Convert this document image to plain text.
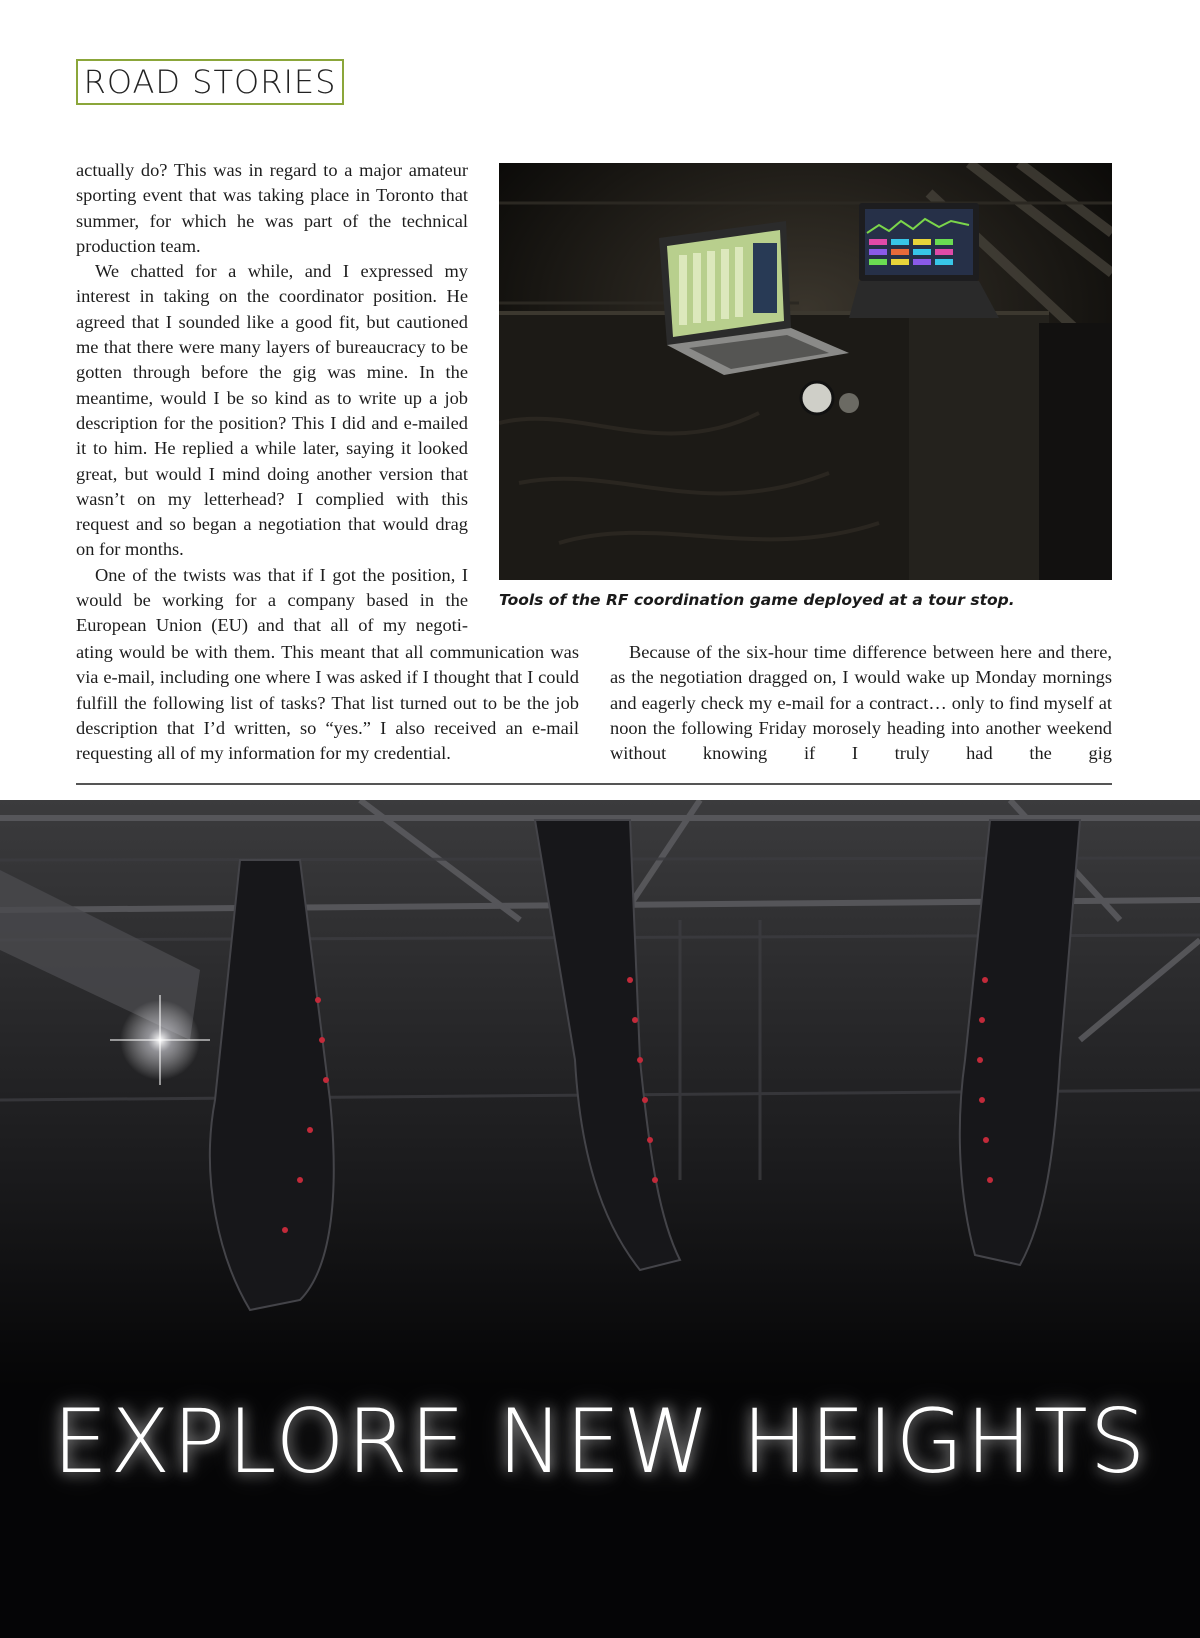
ROAD STORIES

actually do? This was in regard to a major amateur sporting event that was taking place in Toronto that summer, for which he was part of the technical production team.

We chatted for a while, and I expressed my interest in taking on the coordinator position. He agreed that I sounded like a good fit, but cautioned me that there were many layers of bureaucracy to be gotten through before the gig was mine. In the meantime, would I be so kind as to write up a job description for the position? This I did and e-mailed it to him. He replied a while later, saying it looked great, but would I mind doing another version that wasn’t on my letterhead? I complied with this request and so began a negotiation that would drag on for months.

One of the twists was that if I got the position, I would be working for a company based in the European Union (EU) and that all of my negoti-

Tools of the RF coordination game deployed at a tour stop.

ating would be with them. This meant that all communication was via e-mail, including one where I was asked if I thought that I could fulfill the following list of tasks? That list turned out to be the job description that I’d written, so “yes.” I also received an e-mail requesting all of my information for my credential.

Because of the six-hour time difference between here and there, as the negotiation dragged on, I would wake up Monday mornings and eagerly check my e-mail for a contract… only to find myself at noon the following Friday morosely heading into another weekend without knowing if I truly had the gig

EXPLORE NEW HEIGHTS
